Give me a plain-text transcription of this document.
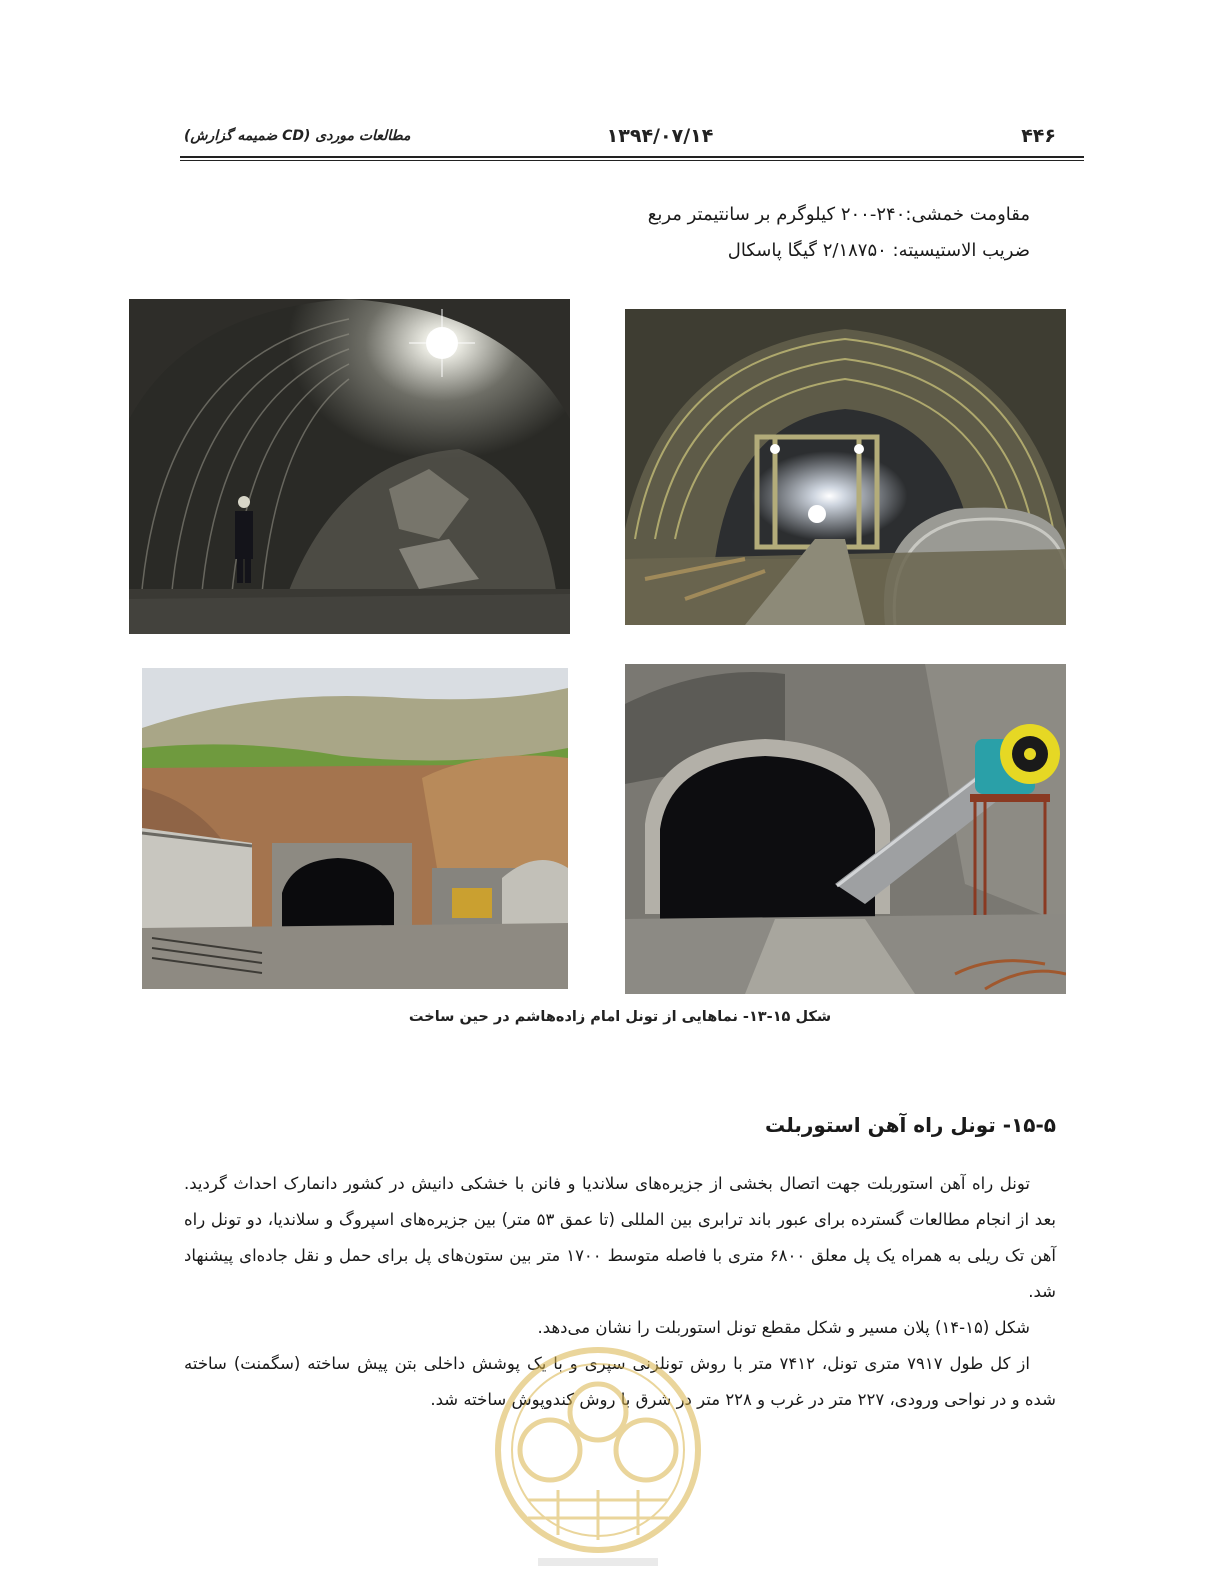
۴۴۶
۱۳۹۴/۰۷/۱۴
مطالعات موردی (CD ضمیمه گزارش)
مقاومت خمشی:۲۴۰-۲۰۰ کیلوگرم بر سانتیمتر مربع
ضریب الاستیسیته: ۲/۱۸۷۵۰ گیگا پاسکال
شکل ۱۵-۱۳- نماهایی از تونل امام زاده‌هاشم در حین ساخت
۱۵-۵- تونل راه آهن استوربلت

تونل راه آهن استوربلت جهت اتصال بخشی از جزیره‌های سلاندیا و فانن با خشکی دانیش در کشور دانمارک احداث گردید. بعد از انجام مطالعات گسترده برای عبور باند ترابری بین المللی (تا عمق ۵۳ متر) بین جزیره‌های اسپروگ و سلاندیا، دو تونل راه آهن تک ریلی به همراه یک پل معلق ۶۸۰۰ متری با فاصله متوسط ۱۷۰۰ متر بین ستون‌های پل برای حمل و نقل جاده‌ای پیشنهاد شد.

شکل (۱۵-۱۴) پلان مسیر و شکل مقطع تونل استوربلت را نشان می‌دهد.

از کل طول ۷۹۱۷ متری تونل، ۷۴۱۲ متر با روش تونلزنی سپری و با یک پوشش داخلی بتن پیش ساخته (سگمنت) ساخته شده و در نواحی ورودی، ۲۲۷ متر در غرب و ۲۲۸ متر در شرق با روش کندوپوش ساخته شد.
